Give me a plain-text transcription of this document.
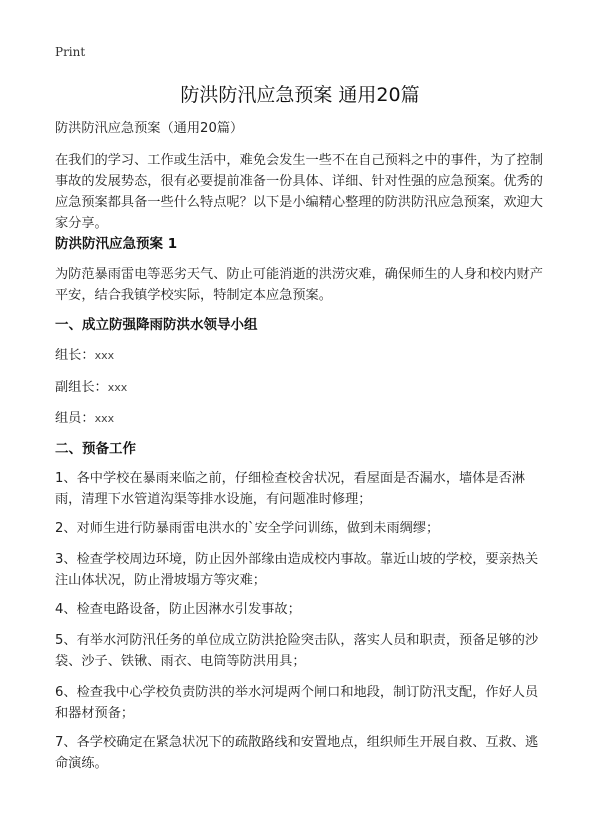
Print
防洪防汛应急预案 通用20篇
防洪防汛应急预案（通用20篇）
在我们的学习、工作或生活中，难免会发生一些不在自己预料之中的事件，为了控制事故的发展势态，很有必要提前准备一份具体、详细、针对性强的应急预案。优秀的应急预案都具备一些什么特点呢？以下是小编精心整理的防洪防汛应急预案，欢迎大家分享。
防洪防汛应急预案 1
为防范暴雨雷电等恶劣天气、防止可能消逝的洪涝灾难，确保师生的人身和校内财产平安，结合我镇学校实际，特制定本应急预案。
一、成立防强降雨防洪水领导小组
组长：xxx
副组长：xxx
组员：xxx
二、预备工作
1、各中学校在暴雨来临之前，仔细检查校舍状况，看屋面是否漏水，墙体是否淋雨，清理下水管道沟渠等排水设施，有问题准时修理；
2、对师生进行防暴雨雷电洪水的`安全学问训练，做到未雨绸缪；
3、检查学校周边环境，防止因外部缘由造成校内事故。靠近山坡的学校，要亲热关注山体状况，防止滑坡塌方等灾难；
4、检查电路设备，防止因淋水引发事故；
5、有举水河防汛任务的单位成立防洪抢险突击队，落实人员和职责，预备足够的沙袋、沙子、铁锹、雨衣、电筒等防洪用具；
6、检查我中心学校负责防洪的举水河堤两个闸口和地段，制订防汛支配，作好人员和器材预备；
7、各学校确定在紧急状况下的疏散路线和安置地点，组织师生开展自救、互救、逃命演练。
